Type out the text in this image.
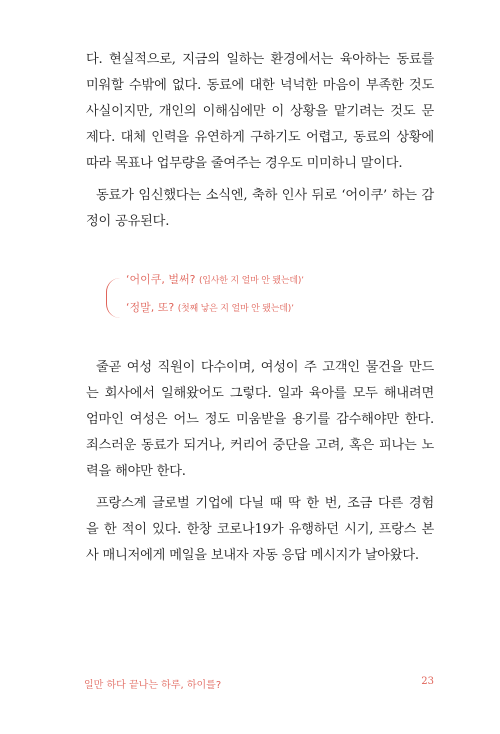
다. 현실적으로, 지금의 일하는 환경에서는 육아하는 동료를
미워할 수밖에 없다. 동료에 대한 넉넉한 마음이 부족한 것도
사실이지만, 개인의 이해심에만 이 상황을 맡기려는 것도 문
제다. 대체 인력을 유연하게 구하기도 어렵고, 동료의 상황에
따라 목표나 업무량을 줄여주는 경우도 미미하니 말이다.
동료가 임신했다는 소식엔, 축하 인사 뒤로 ‘어이쿠’ 하는 감
정이 공유된다.
‘어이쿠, 벌써? (입사한 지 얼마 안 됐는데)’
‘정말, 또? (첫째 낳은 지 얼마 안 됐는데)’
줄곧 여성 직원이 다수이며, 여성이 주 고객인 물건을 만드
는 회사에서 일해왔어도 그렇다. 일과 육아를 모두 해내려면
엄마인 여성은 어느 정도 미움받을 용기를 감수해야만 한다.
죄스러운 동료가 되거나, 커리어 중단을 고려, 혹은 피나는 노
력을 해야만 한다.
프랑스계 글로벌 기업에 다닐 때 딱 한 번, 조금 다른 경험
을 한 적이 있다. 한창 코로나19가 유행하던 시기, 프랑스 본
사 매니저에게 메일을 보내자 자동 응답 메시지가 날아왔다.
일만 하다 끝나는 하루, 하이를?	23
